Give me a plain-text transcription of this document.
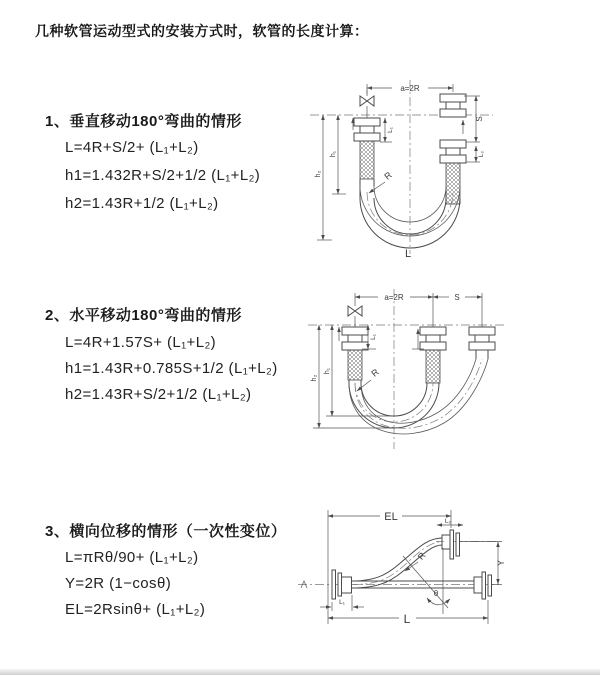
几种软管运动型式的安装方式时，软管的长度计算：
1、垂直移动180°弯曲的情形
L=4R+S/2+ (L₁+L₂)
h1=1.432R+S/2+1/2 (L₁+L₂)
h2=1.43R+1/2 (L₁+L₂)
a=2R
S
L₂
L₁
h₁
h₂	R
L
2、水平移动180°弯曲的情形
L=4R+1.57S+ (L₁+L₂)
h1=1.43R+0.785S+1/2 (L₁+L₂)
h2=1.43R+S/2+1/2 (L₁+L₂)
a=2R	S
L₁
h₁
h₂	R
3、横向位移的情形（一次性变位）
L=πRθ/90+ (L₁+L₂)
Y=2R (1−cosθ)
EL=2Rsinθ+ (L₁+L₂)
EL	L₂
Y
R
θ
L
L₁
